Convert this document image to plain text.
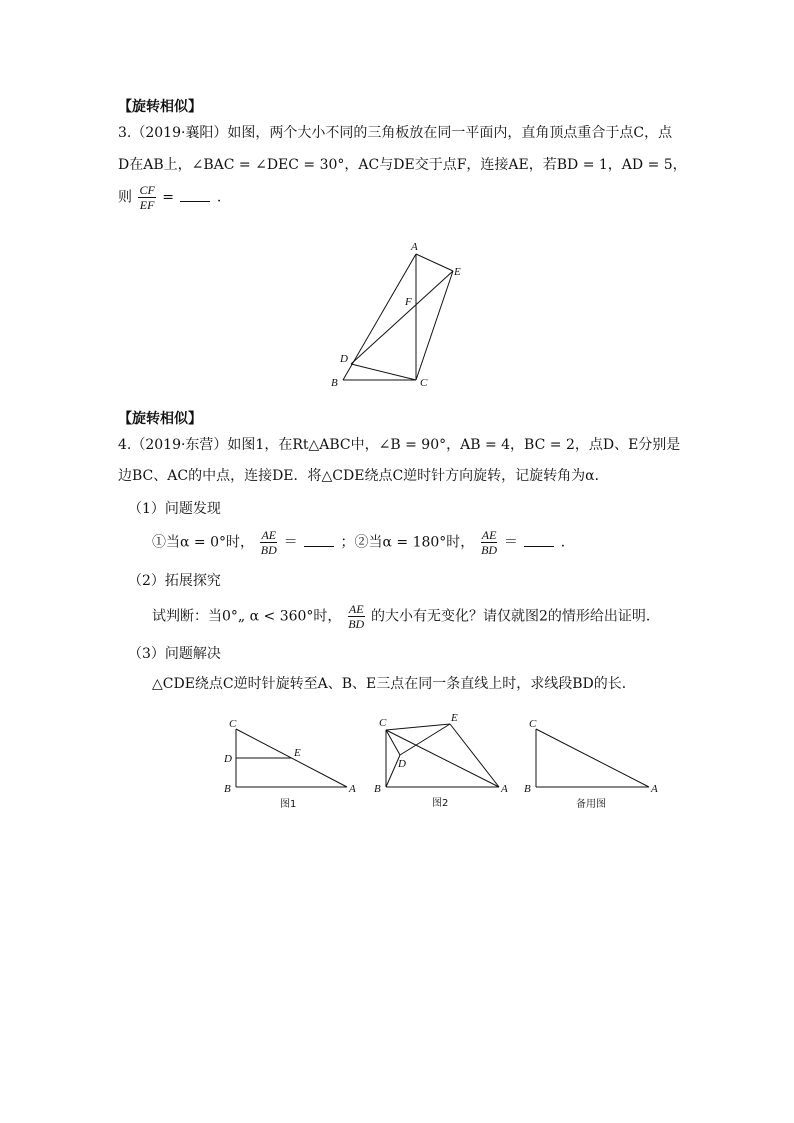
【旋转相似】
3.（2019·襄阳）如图，两个大小不同的三角板放在同一平面内，直角顶点重合于点C，点
D在AB上，∠BAC = ∠DEC = 30°，AC与DE交于点F，连接AE，若BD = 1，AD = 5，
则 $\frac{CF}{EF}$ =	.
A
E
F
D
B	C
【旋转相似】
4.（2019·东营）如图1，在Rt△ABC中，∠B = 90°，AB = 4，BC = 2，点D、E分别是
边BC、AC的中点，连接DE．将△CDE绕点C逆时针方向旋转，记旋转角为α．
（1）问题发现
①当α = 0°时， $\frac{AE}{BD}$ ＝	；②当α = 180°时， $\frac{AE}{BD}$ ＝	．
（2）拓展探究
试判断：当0°„ α < 360°时， $\frac{AE}{BD}$ 的大小有无变化？请仅就图2的情形给出证明．
（3）问题解决
△CDE绕点C逆时针旋转至A、B、E三点在同一条直线上时，求线段BD的长．
C
D	E
B	A
图1
C	E
D
B	A
图2
C
B	A
备用图
